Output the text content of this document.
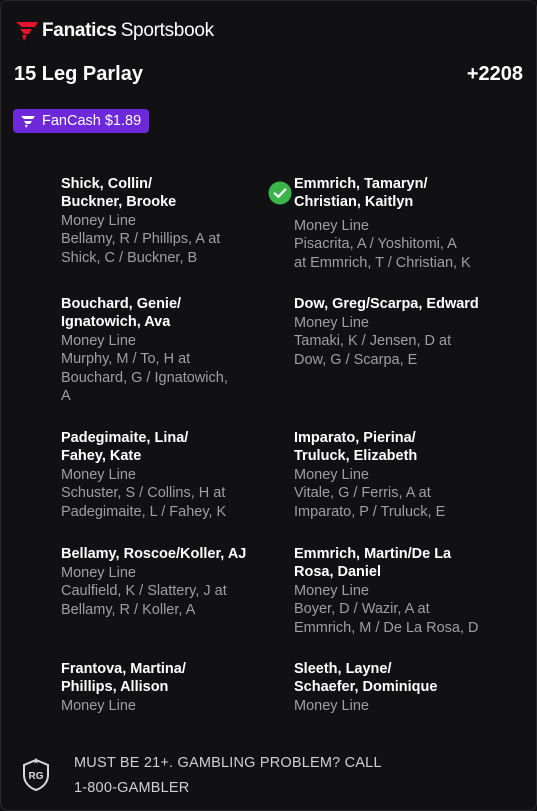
Fanatics Sportsbook
15 Leg Parlay	+2208
FanCash $1.89
Shick, Collin/
Buckner, Brooke
Money Line
Bellamy, R / Phillips, A at
Shick, C / Buckner, B
Emmrich, Tamaryn/
Christian, Kaitlyn
Money Line
Pisacrita, A / Yoshitomi, A
at Emmrich, T / Christian, K
Bouchard, Genie/
Ignatowich, Ava
Money Line
Murphy, M / To, H at
Bouchard, G / Ignatowich,
A
Dow, Greg/Scarpa, Edward
Money Line
Tamaki, K / Jensen, D at
Dow, G / Scarpa, E
Padegimaite, Lina/
Fahey, Kate
Money Line
Schuster, S / Collins, H at
Padegimaite, L / Fahey, K
Imparato, Pierina/
Truluck, Elizabeth
Money Line
Vitale, G / Ferris, A at
Imparato, P / Truluck, E
Bellamy, Roscoe/Koller, AJ
Money Line
Caulfield, K / Slattery, J at
Bellamy, R / Koller, A
Emmrich, Martin/De La
Rosa, Daniel
Money Line
Boyer, D / Wazir, A at
Emmrich, M / De La Rosa, D
Frantova, Martina/
Phillips, Allison
Money Line
Sleeth, Layne/
Schaefer, Dominique
Money Line
RG
MUST BE 21+. GAMBLING PROBLEM? CALL
1-800-GAMBLER
